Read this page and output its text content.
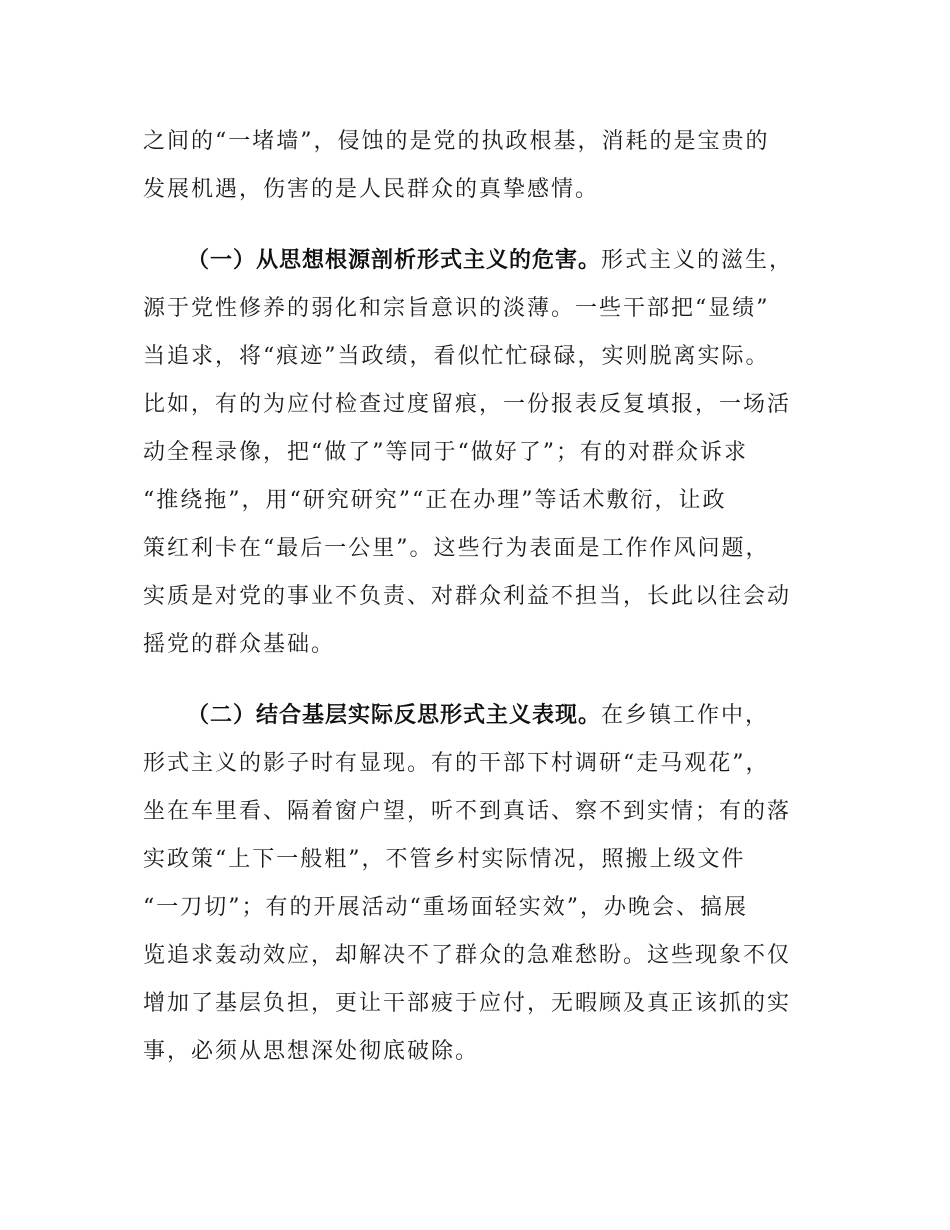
之间的“一堵墙”，侵蚀的是党的执政根基，消耗的是宝贵的
发展机遇，伤害的是人民群众的真挚感情。
（一）从思想根源剖析形式主义的危害。形式主义的滋生，
源于党性修养的弱化和宗旨意识的淡薄。一些干部把“显绩”
当追求，将“痕迹”当政绩，看似忙忙碌碌，实则脱离实际。
比如，有的为应付检查过度留痕，一份报表反复填报，一场活
动全程录像，把“做了”等同于“做好了”；有的对群众诉求
“推绕拖”，用“研究研究”“正在办理”等话术敷衍，让政
策红利卡在“最后一公里”。这些行为表面是工作作风问题，
实质是对党的事业不负责、对群众利益不担当，长此以往会动
摇党的群众基础。
（二）结合基层实际反思形式主义表现。在乡镇工作中，
形式主义的影子时有显现。有的干部下村调研“走马观花”，
坐在车里看、隔着窗户望，听不到真话、察不到实情；有的落
实政策“上下一般粗”，不管乡村实际情况，照搬上级文件
“一刀切”；有的开展活动“重场面轻实效”，办晚会、搞展
览追求轰动效应，却解决不了群众的急难愁盼。这些现象不仅
增加了基层负担，更让干部疲于应付，无暇顾及真正该抓的实
事，必须从思想深处彻底破除。
